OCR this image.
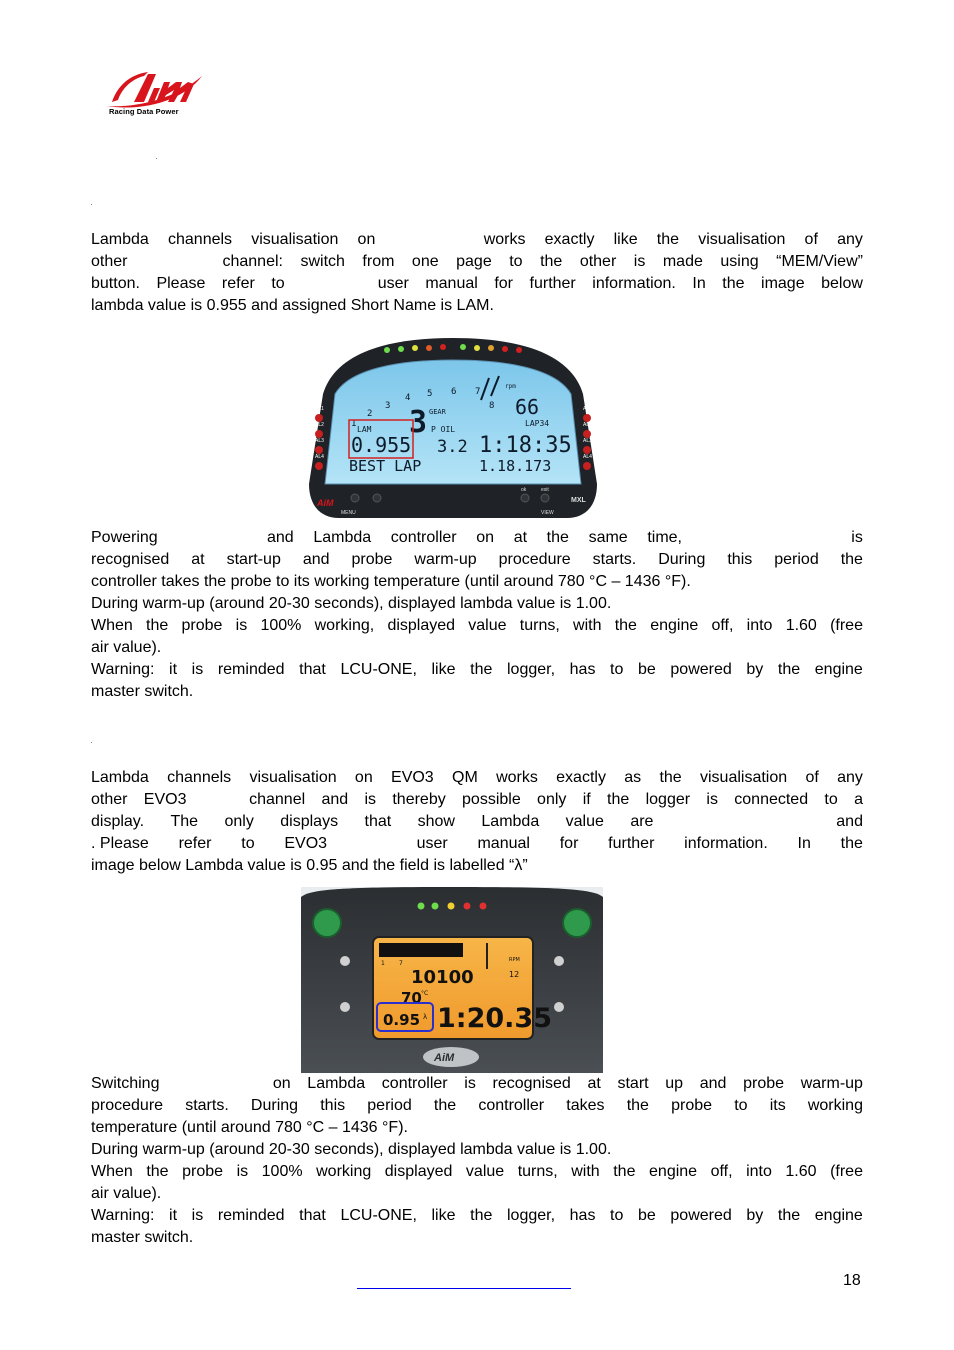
Racing Data Power
Lambda channels visualisation on	works exactly like the visualisation of any
other	channel: switch from one page to the other is made using “MEM/View”
button. Please refer to	user manual for further information. In the image below
lambda value is 0.955 and assigned Short Name is LAM.
AL1
AL2
AL3
AL4
AL1
AL2
AL3
AL4
1
2
3
4 5 6 7
8
rpm
66
GEAR
LAM 3
0.955
P OIL
3.2
LAP34
1:18:35
BEST LAP	1.18.173
AiM
MENU
ok	exit
VIEW
MXL
Powering	and Lambda controller on at the same time,	is
recognised at start-up and probe warm-up procedure starts. During this period the
controller takes the probe to its working temperature (until around 780 °C – 1436 °F).
During warm-up (around 20-30 seconds), displayed lambda value is 1.00.
When the probe is 100% working, displayed value turns, with the engine off, into 1.60 (free
air value).
Warning: it is reminded that LCU-ONE, like the logger, has to be powered by the engine
master switch.
Lambda channels visualisation on EVO3 QM works exactly as the visualisation of any
other EVO3	channel and is thereby possible only if the logger is connected to a
display. The only displays that show Lambda value are	and
. Please refer to EVO3	user manual for further information. In the
image below Lambda value is 0.95 and the field is labelled “λ”
1 7	RPM
12
10100
70 °C
0.95 λ 1:20.35
AiM
Switching	on Lambda controller is recognised at start up and probe warm-up
procedure starts. During this period the controller takes the probe to its working
temperature (until around 780 °C – 1436 °F).
During warm-up (around 20-30 seconds), displayed lambda value is 1.00.
When the probe is 100% working displayed value turns, with the engine off, into 1.60 (free
air value).
Warning: it is reminded that LCU-ONE, like the logger, has to be powered by the engine
master switch.
18
